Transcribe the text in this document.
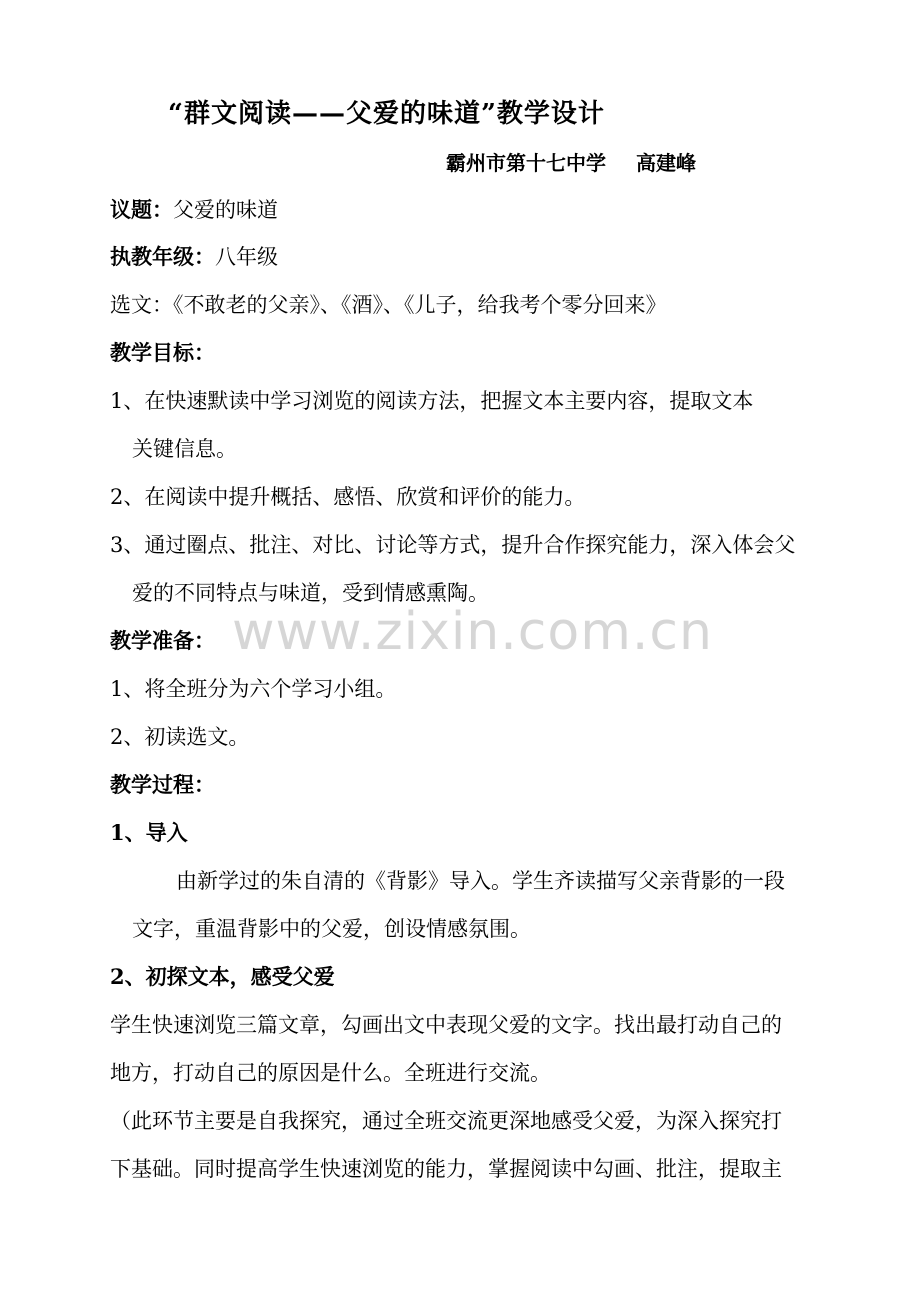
“群文阅读——父爱的味道”教学设计
霸州市第十七中学 高建峰
议题：父爱的味道
执教年级：八年级
选文：《不敢老的父亲》、《酒》、《儿子，给我考个零分回来》
教学目标：
1、在快速默读中学习浏览的阅读方法，把握文本主要内容，提取文本
关键信息。
2、在阅读中提升概括、感悟、欣赏和评价的能力。
3、通过圈点、批注、对比、讨论等方式，提升合作探究能力，深入体会父
爱的不同特点与味道，受到情感熏陶。
教学准备：
1、将全班分为六个学习小组。
2、初读选文。
教学过程：
1、导入
由新学过的朱自清的《背影》导入。学生齐读描写父亲背影的一段
文字，重温背影中的父爱，创设情感氛围。
2、初探文本，感受父爱
学生快速浏览三篇文章，勾画出文中表现父爱的文字。找出最打动自己的
地方，打动自己的原因是什么。全班进行交流。
（此环节主要是自我探究，通过全班交流更深地感受父爱，为深入探究打
下基础。同时提高学生快速浏览的能力，掌握阅读中勾画、批注，提取主
www.zixin.com.cn
